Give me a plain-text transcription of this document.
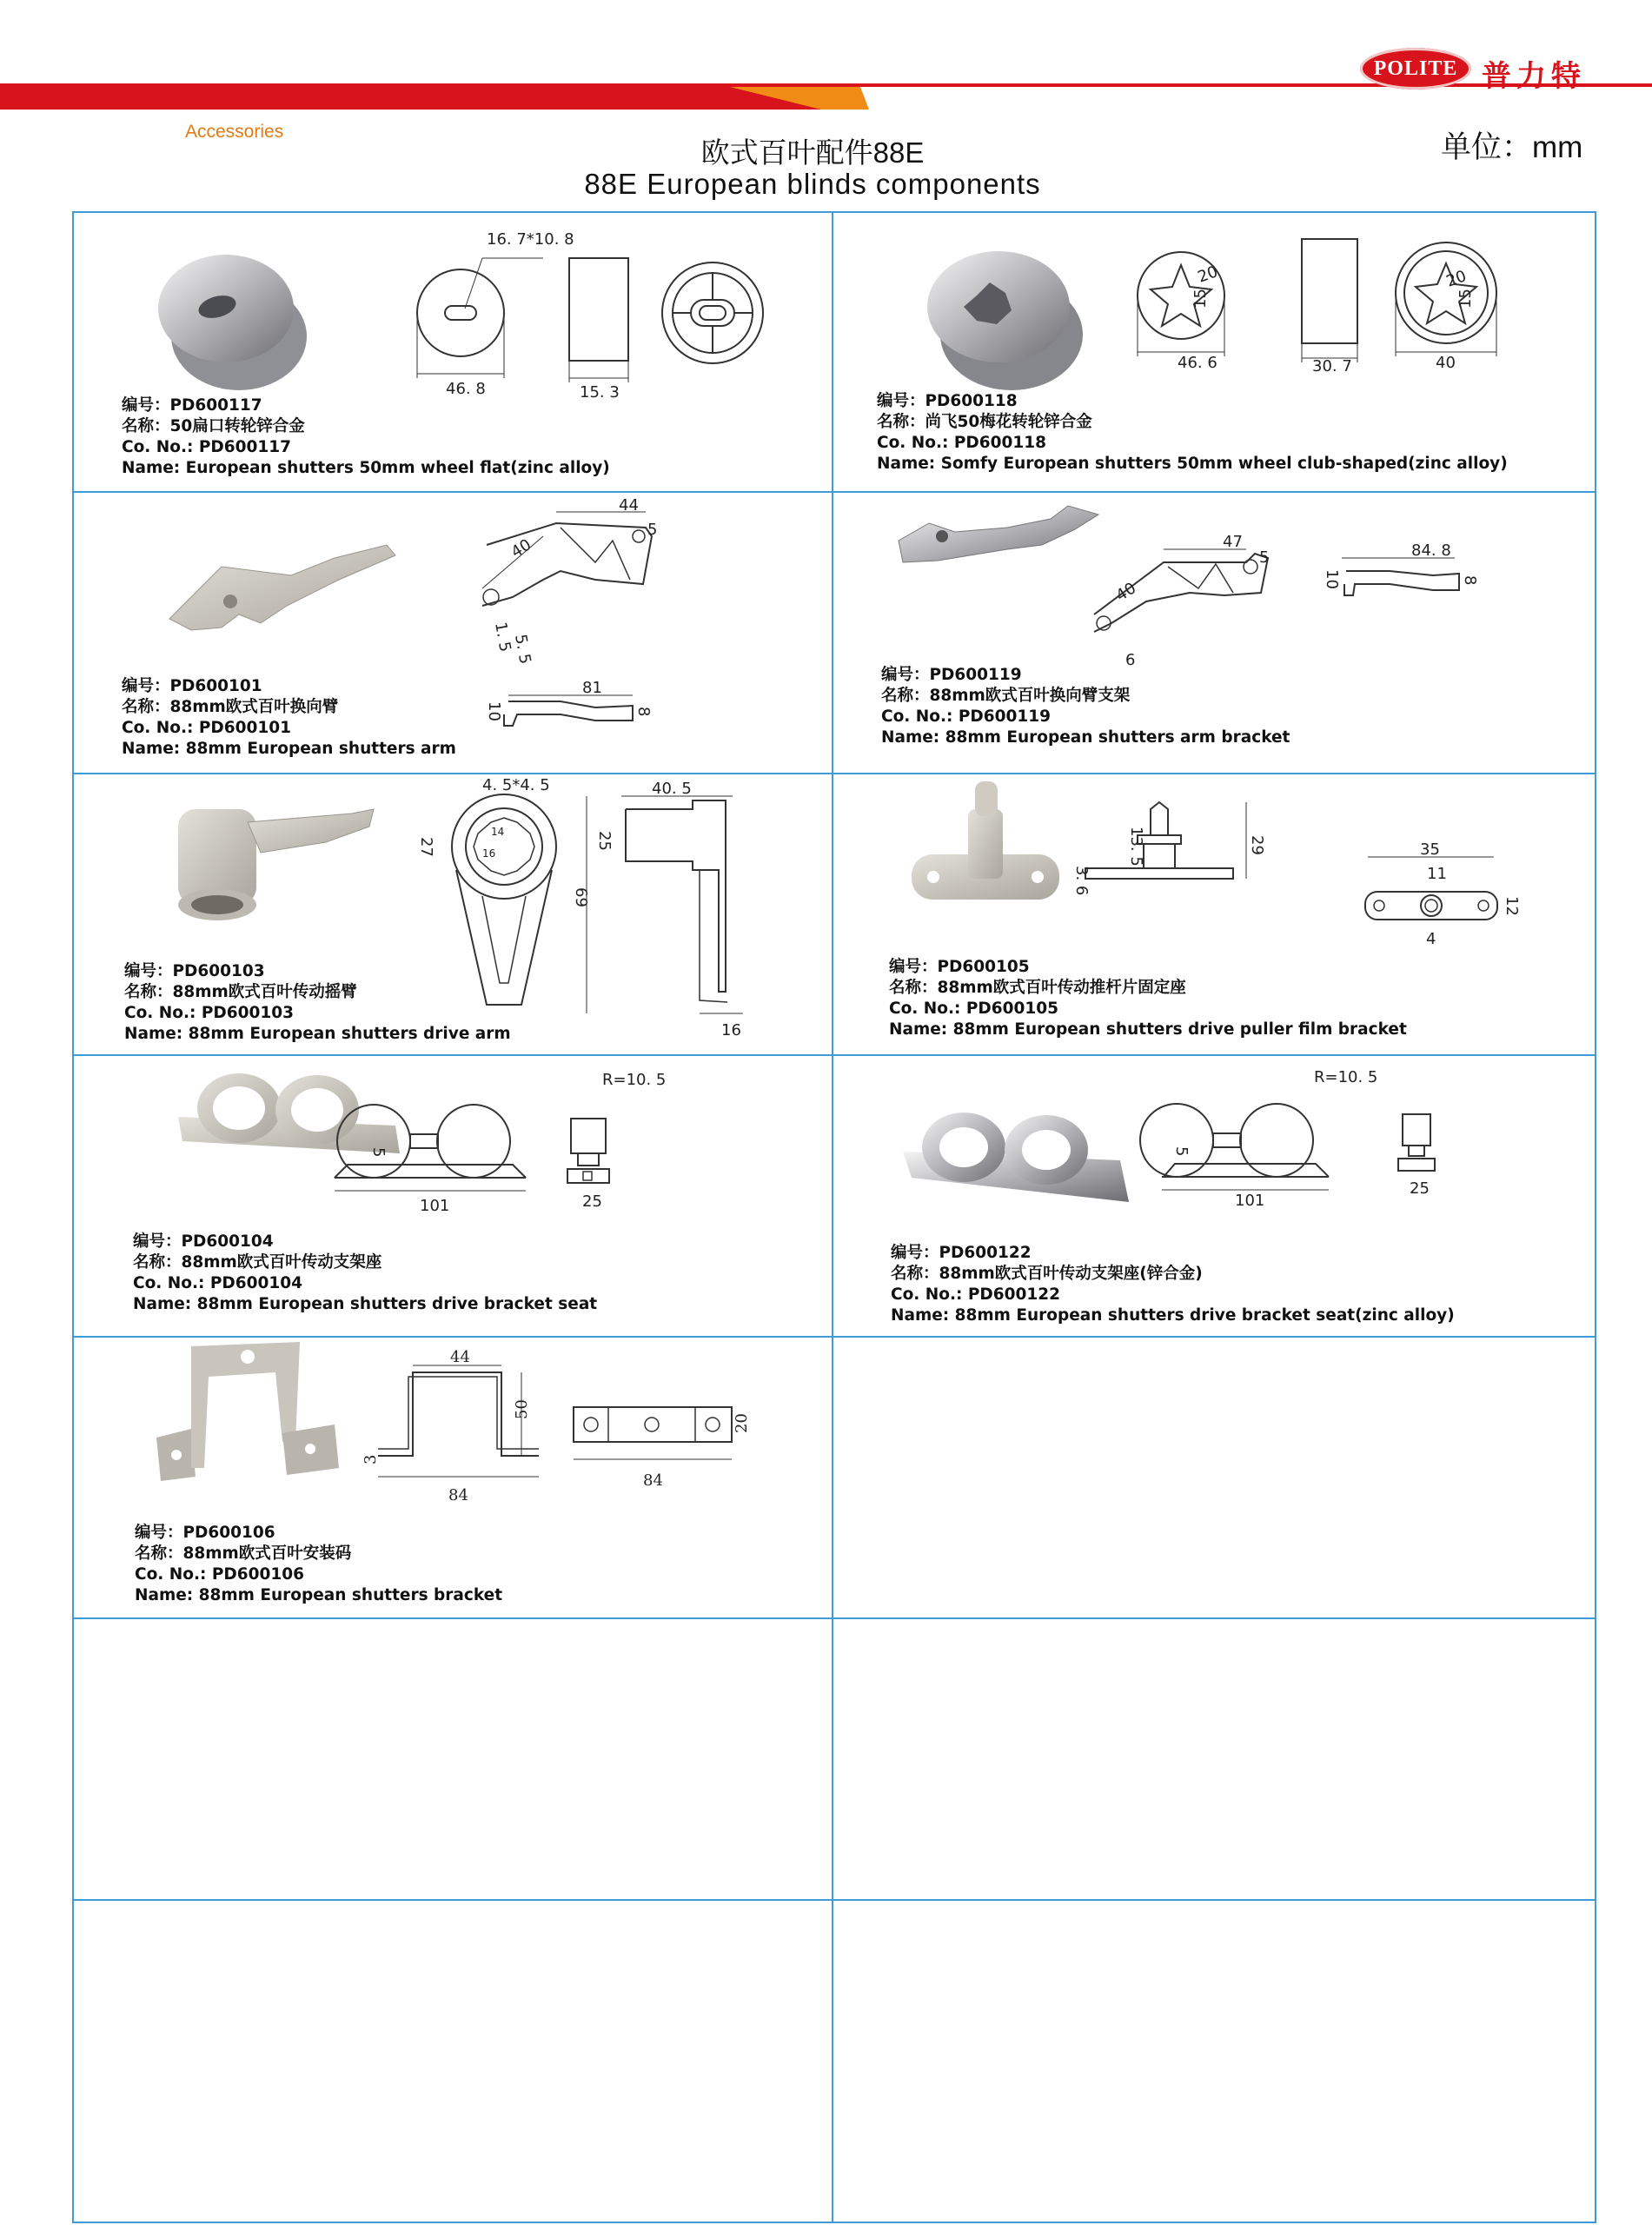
Accessories
POLITE 普力特
欧式百叶配件88E
88E European blinds components
单位：mm
16. 7*10. 8
46. 8	15. 3
编号：PD600117
名称：50扁口转轮锌合金
Co. No.: PD600117
Name: European shutters 50mm wheel flat(zinc alloy)
20
15
46. 6	30. 7
20
15
40
编号：PD600118
名称：尚飞50梅花转轮锌合金
Co. No.: PD600118
Name: Somfy European shutters 50mm wheel club-shaped(zinc alloy)
44
5
40
1. 5
5. 5
81
10	8
编号：PD600101
名称：88mm欧式百叶换向臂
Co. No.: PD600101
Name: 88mm European shutters arm
47
5
40
6
84. 8
10	8
编号：PD600119
名称：88mm欧式百叶换向臂支架
Co. No.: PD600119
Name: 88mm European shutters arm bracket
4. 5*4. 5
27
14
16
69
40. 5
25
16
编号：PD600103
名称：88mm欧式百叶传动摇臂
Co. No.: PD600103
Name: 88mm European shutters drive arm
13. 5	29
3. 6
35
11
12
4
编号：PD600105
名称：88mm欧式百叶传动推杆片固定座
Co. No.: PD600105
Name: 88mm European shutters drive puller film bracket
5
R=10. 5
101	25
编号：PD600104
名称：88mm欧式百叶传动支架座
Co. No.: PD600104
Name: 88mm European shutters drive bracket seat
5
R=10. 5
101
25
编号：PD600122
名称：88mm欧式百叶传动支架座(锌合金)
Co. No.: PD600122
Name: 88mm European shutters drive bracket seat(zinc alloy)
44
50
3
84
20
84
编号：PD600106
名称：88mm欧式百叶安装码
Co. No.: PD600106
Name: 88mm European shutters bracket
